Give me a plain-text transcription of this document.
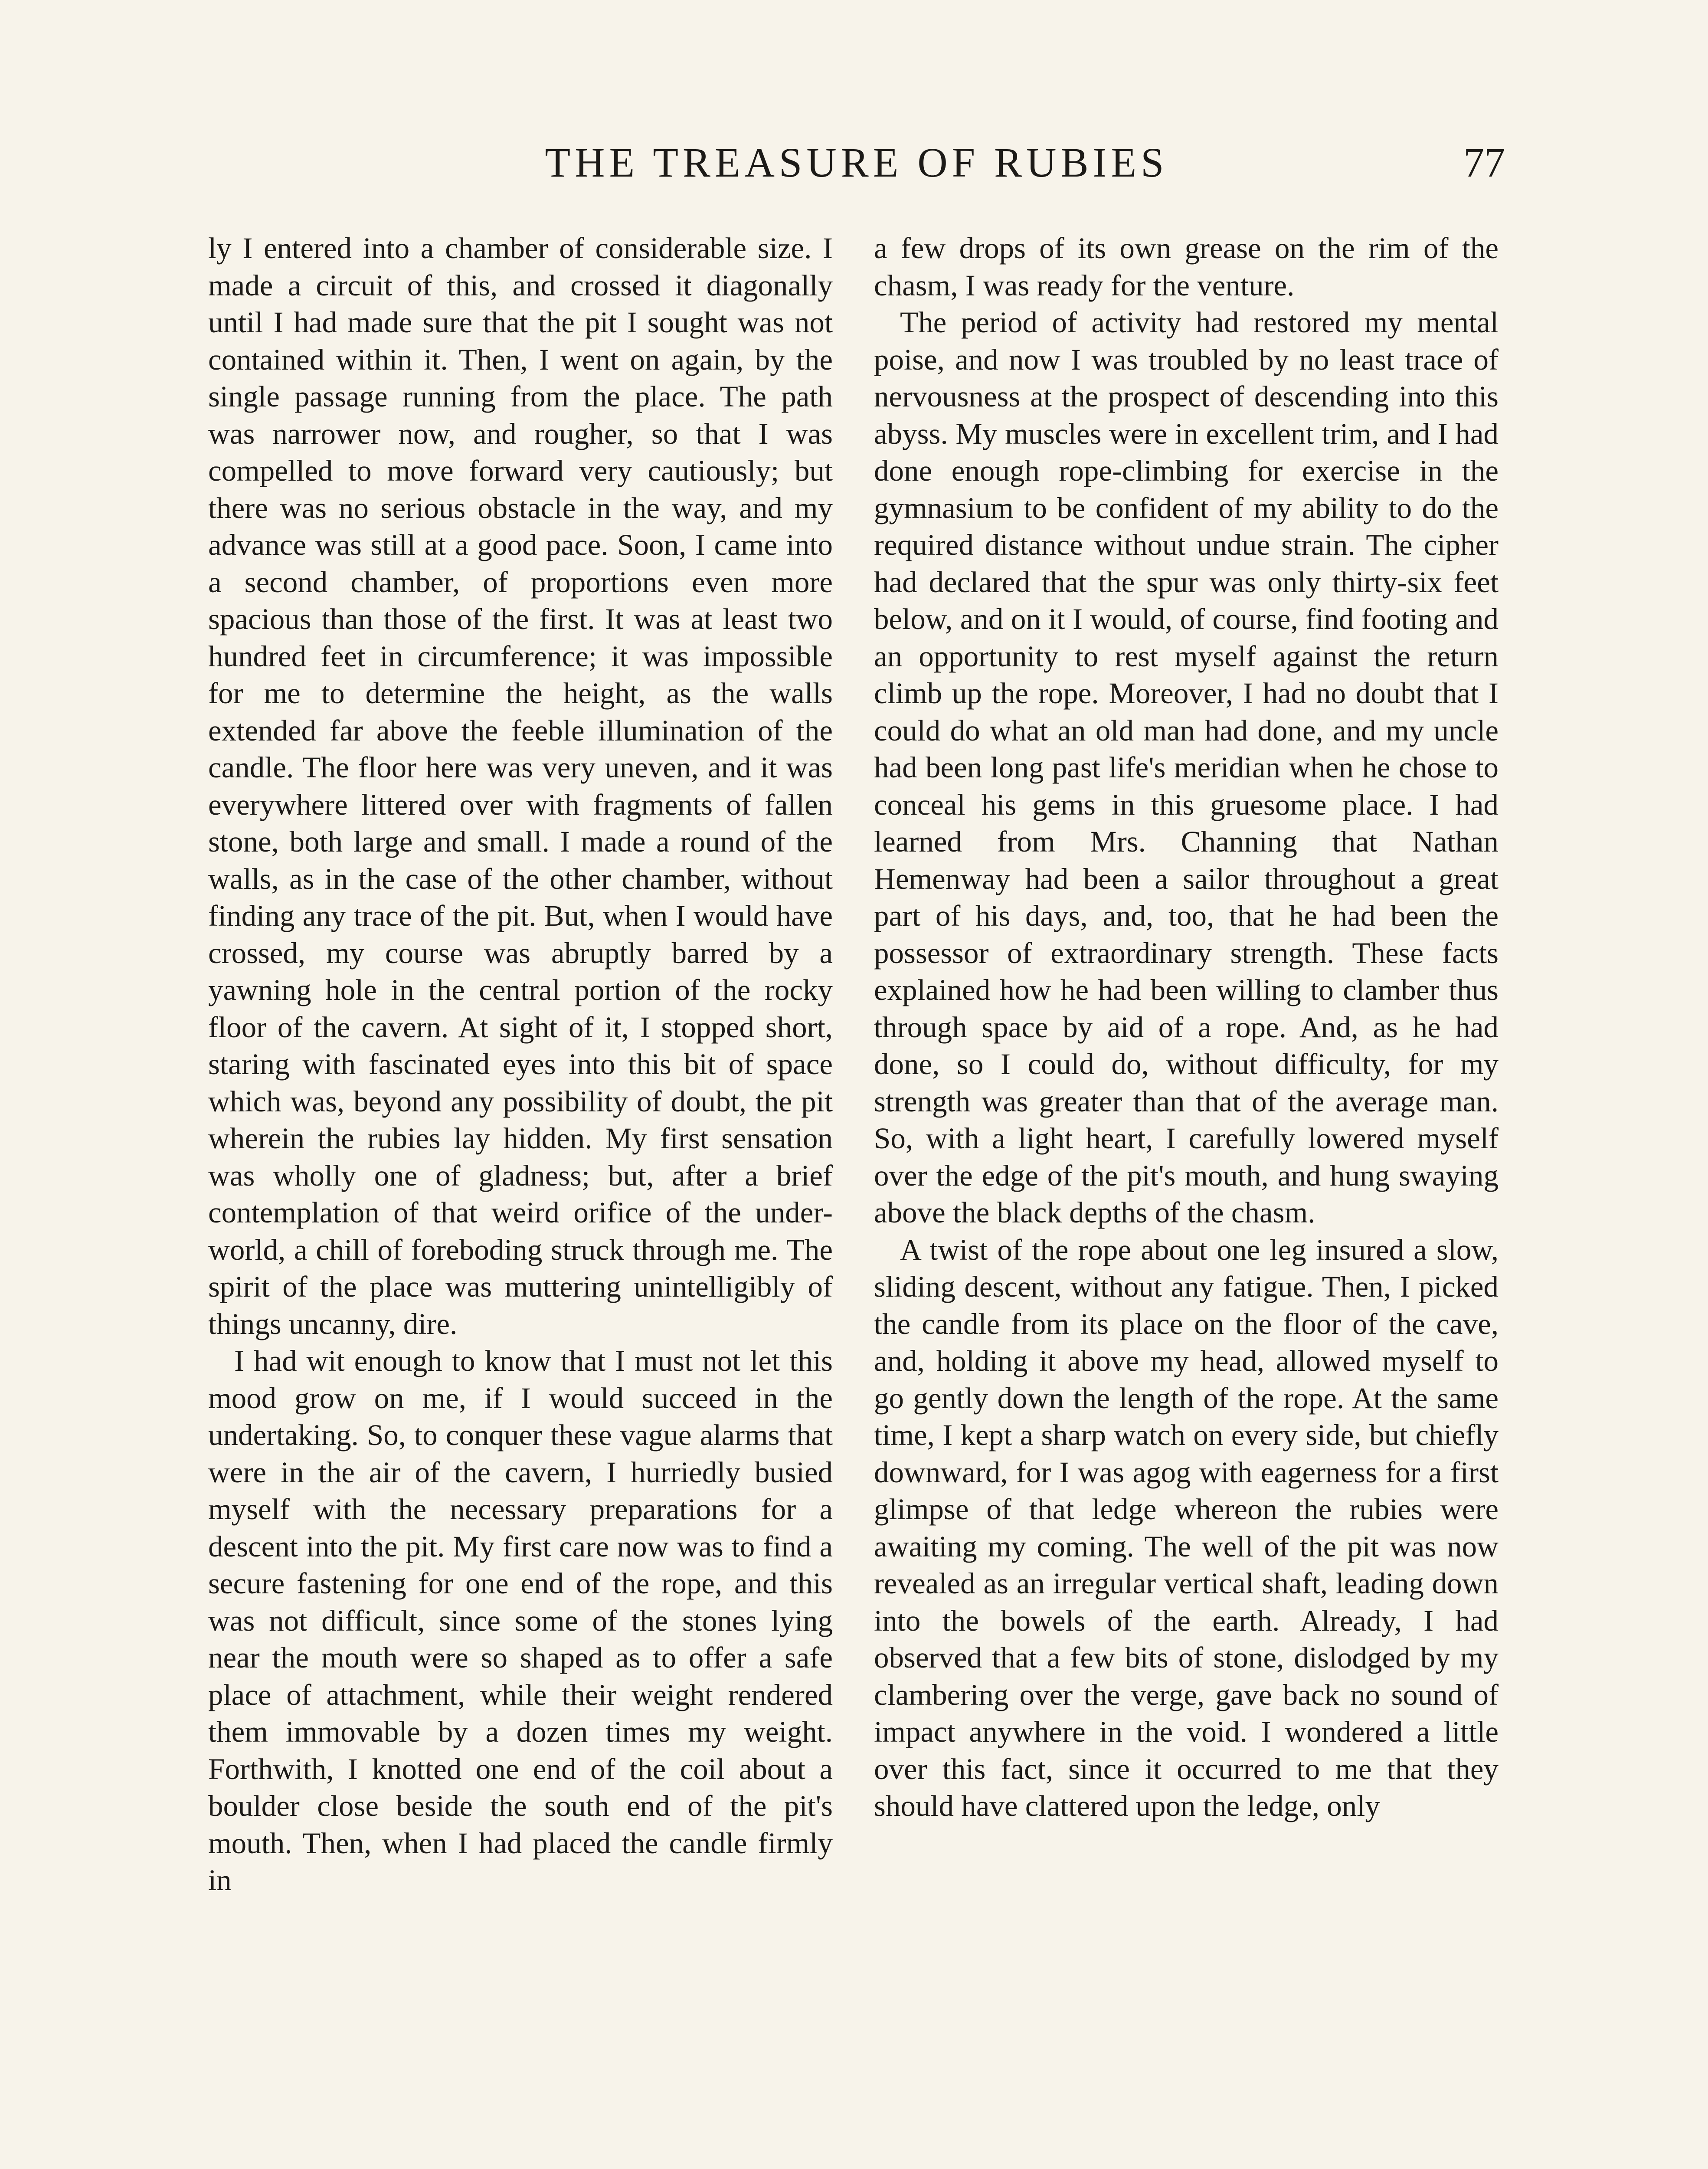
THE TREASURE OF RUBIES	77

ly I entered into a chamber of considerable size. I made a circuit of this, and crossed it diagonally until I had made sure that the pit I sought was not contained within it. Then, I went on again, by the single passage running from the place. The path was narrower now, and rougher, so that I was compelled to move forward very cautiously; but there was no serious obstacle in the way, and my advance was still at a good pace. Soon, I came into a second chamber, of proportions even more spacious than those of the first. It was at least two hundred feet in circumference; it was impossible for me to determine the height, as the walls extended far above the feeble illumination of the candle. The floor here was very uneven, and it was everywhere littered over with fragments of fallen stone, both large and small. I made a round of the walls, as in the case of the other chamber, without finding any trace of the pit. But, when I would have crossed, my course was abruptly barred by a yawning hole in the central portion of the rocky floor of the cavern. At sight of it, I stopped short, staring with fascinated eyes into this bit of space which was, beyond any possibility of doubt, the pit wherein the rubies lay hidden. My first sensation was wholly one of gladness; but, after a brief contemplation of that weird orifice of the under-world, a chill of foreboding struck through me. The spirit of the place was muttering unintelligibly of things uncanny, dire.

I had wit enough to know that I must not let this mood grow on me, if I would succeed in the undertaking. So, to conquer these vague alarms that were in the air of the cavern, I hurriedly busied myself with the necessary preparations for a descent into the pit. My first care now was to find a secure fastening for one end of the rope, and this was not difficult, since some of the stones lying near the mouth were so shaped as to offer a safe place of attachment, while their weight rendered them immovable by a dozen times my weight. Forthwith, I knotted one end of the coil about a boulder close beside the south end of the pit's mouth. Then, when I had placed the candle firmly in

a few drops of its own grease on the rim of the chasm, I was ready for the venture.

The period of activity had restored my mental poise, and now I was troubled by no least trace of nervousness at the prospect of descending into this abyss. My muscles were in excellent trim, and I had done enough rope-climbing for exercise in the gymnasium to be confident of my ability to do the required distance without undue strain. The cipher had declared that the spur was only thirty-six feet below, and on it I would, of course, find footing and an opportunity to rest myself against the return climb up the rope. Moreover, I had no doubt that I could do what an old man had done, and my uncle had been long past life's meridian when he chose to conceal his gems in this gruesome place. I had learned from Mrs. Channing that Nathan Hemenway had been a sailor throughout a great part of his days, and, too, that he had been the possessor of extraordinary strength. These facts explained how he had been willing to clamber thus through space by aid of a rope. And, as he had done, so I could do, without difficulty, for my strength was greater than that of the average man. So, with a light heart, I carefully lowered myself over the edge of the pit's mouth, and hung swaying above the black depths of the chasm.

A twist of the rope about one leg insured a slow, sliding descent, without any fatigue. Then, I picked the candle from its place on the floor of the cave, and, holding it above my head, allowed myself to go gently down the length of the rope. At the same time, I kept a sharp watch on every side, but chiefly downward, for I was agog with eagerness for a first glimpse of that ledge whereon the rubies were awaiting my coming. The well of the pit was now revealed as an irregular vertical shaft, leading down into the bowels of the earth. Already, I had observed that a few bits of stone, dislodged by my clambering over the verge, gave back no sound of impact anywhere in the void. I wondered a little over this fact, since it occurred to me that they should have clattered upon the ledge, only
